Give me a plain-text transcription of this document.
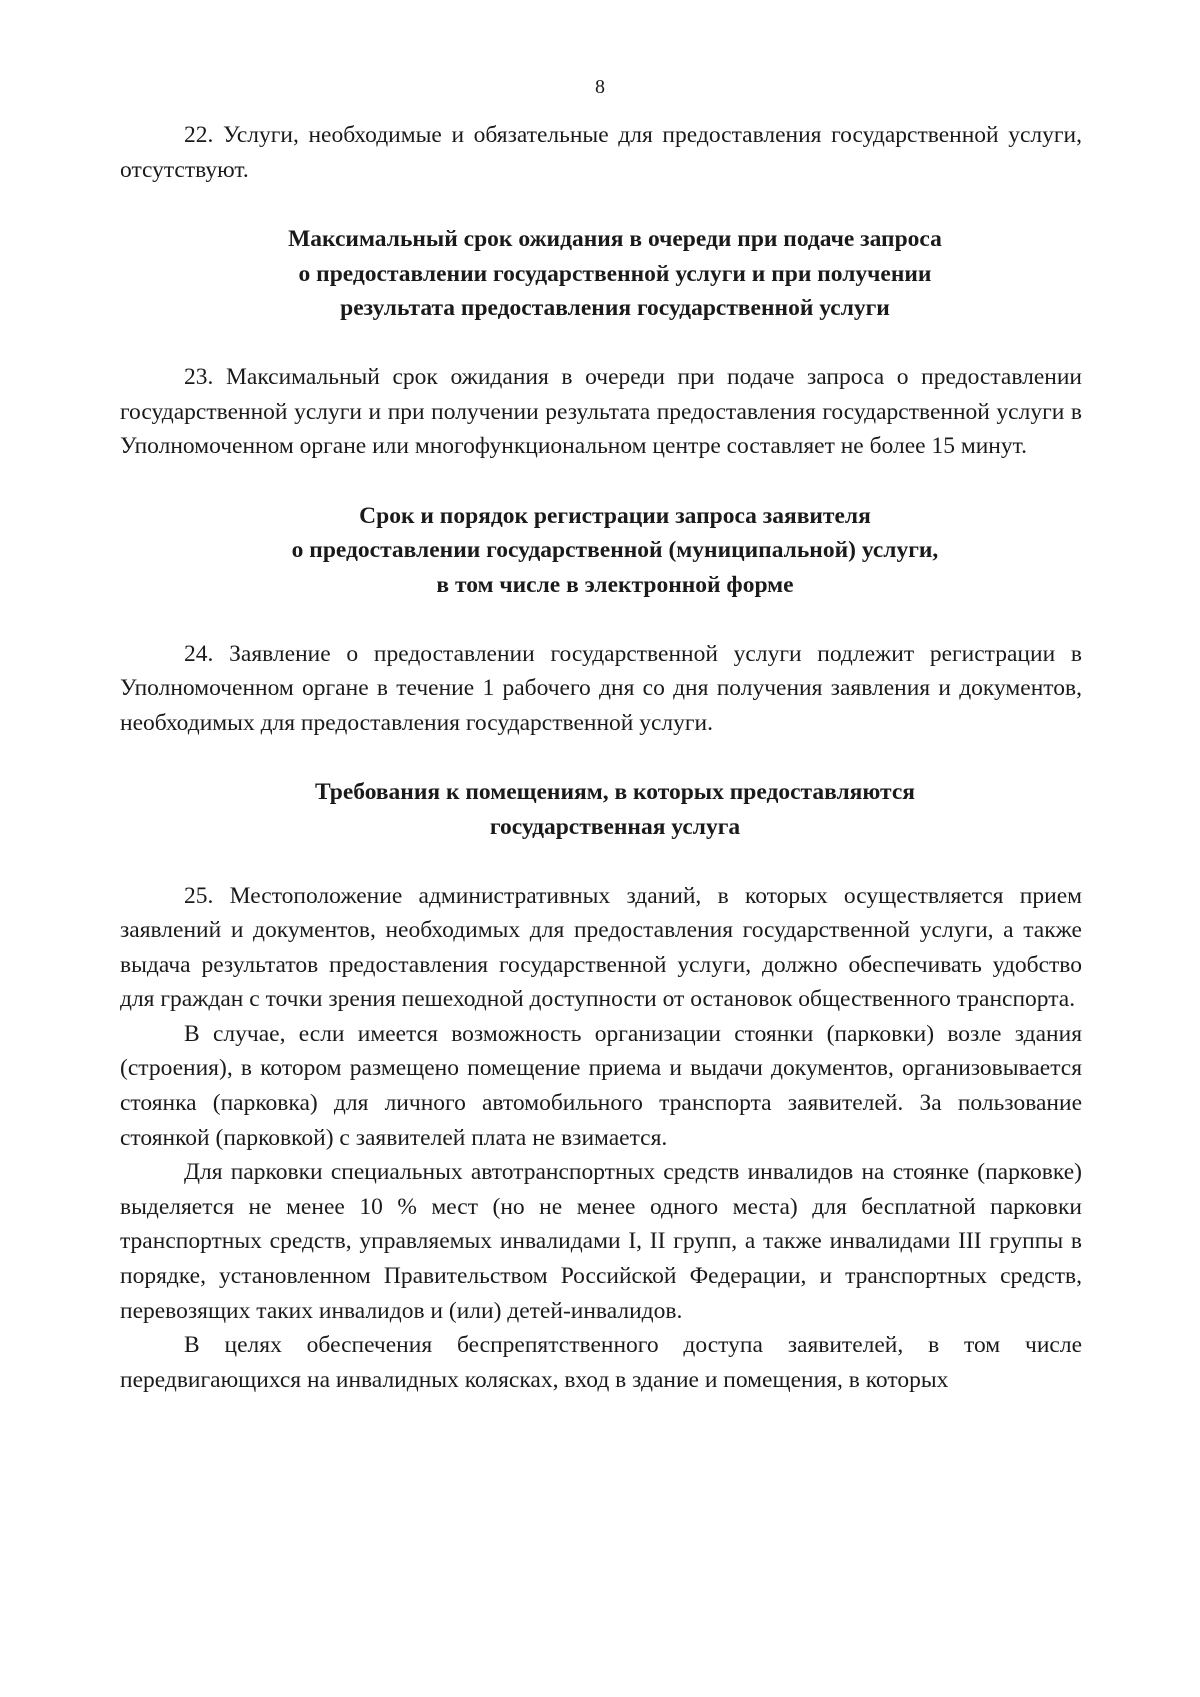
8

22. Услуги, необходимые и обязательные для предоставления государственной услуги, отсутствуют.

Максимальный срок ожидания в очереди при подаче запроса
о предоставлении государственной услуги и при получении
результата предоставления государственной услуги

23. Максимальный срок ожидания в очереди при подаче запроса о предоставлении государственной услуги и при получении результата предоставления государственной услуги в Уполномоченном органе или многофункциональном центре составляет не более 15 минут.

Срок и порядок регистрации запроса заявителя
о предоставлении государственной (муниципальной) услуги,
в том числе в электронной форме

24. Заявление о предоставлении государственной услуги подлежит регистрации в Уполномоченном органе в течение 1 рабочего дня со дня получения заявления и документов, необходимых для предоставления государственной услуги.

Требования к помещениям, в которых предоставляются
государственная услуга

25. Местоположение административных зданий, в которых осуществляется прием заявлений и документов, необходимых для предоставления государственной услуги, а также выдача результатов предоставления государственной услуги, должно обеспечивать удобство для граждан с точки зрения пешеходной доступности от остановок общественного транспорта.

В случае, если имеется возможность организации стоянки (парковки) возле здания (строения), в котором размещено помещение приема и выдачи документов, организовывается стоянка (парковка) для личного автомобильного транспорта заявителей. За пользование стоянкой (парковкой) с заявителей плата не взимается.

Для парковки специальных автотранспортных средств инвалидов на стоянке (парковке) выделяется не менее 10 % мест (но не менее одного места) для бесплатной парковки транспортных средств, управляемых инвалидами I, II групп, а также инвалидами III группы в порядке, установленном Правительством Российской Федерации, и транспортных средств, перевозящих таких инвалидов и (или) детей-инвалидов.

В целях обеспечения беспрепятственного доступа заявителей, в том числе передвигающихся на инвалидных колясках, вход в здание и помещения, в которых
